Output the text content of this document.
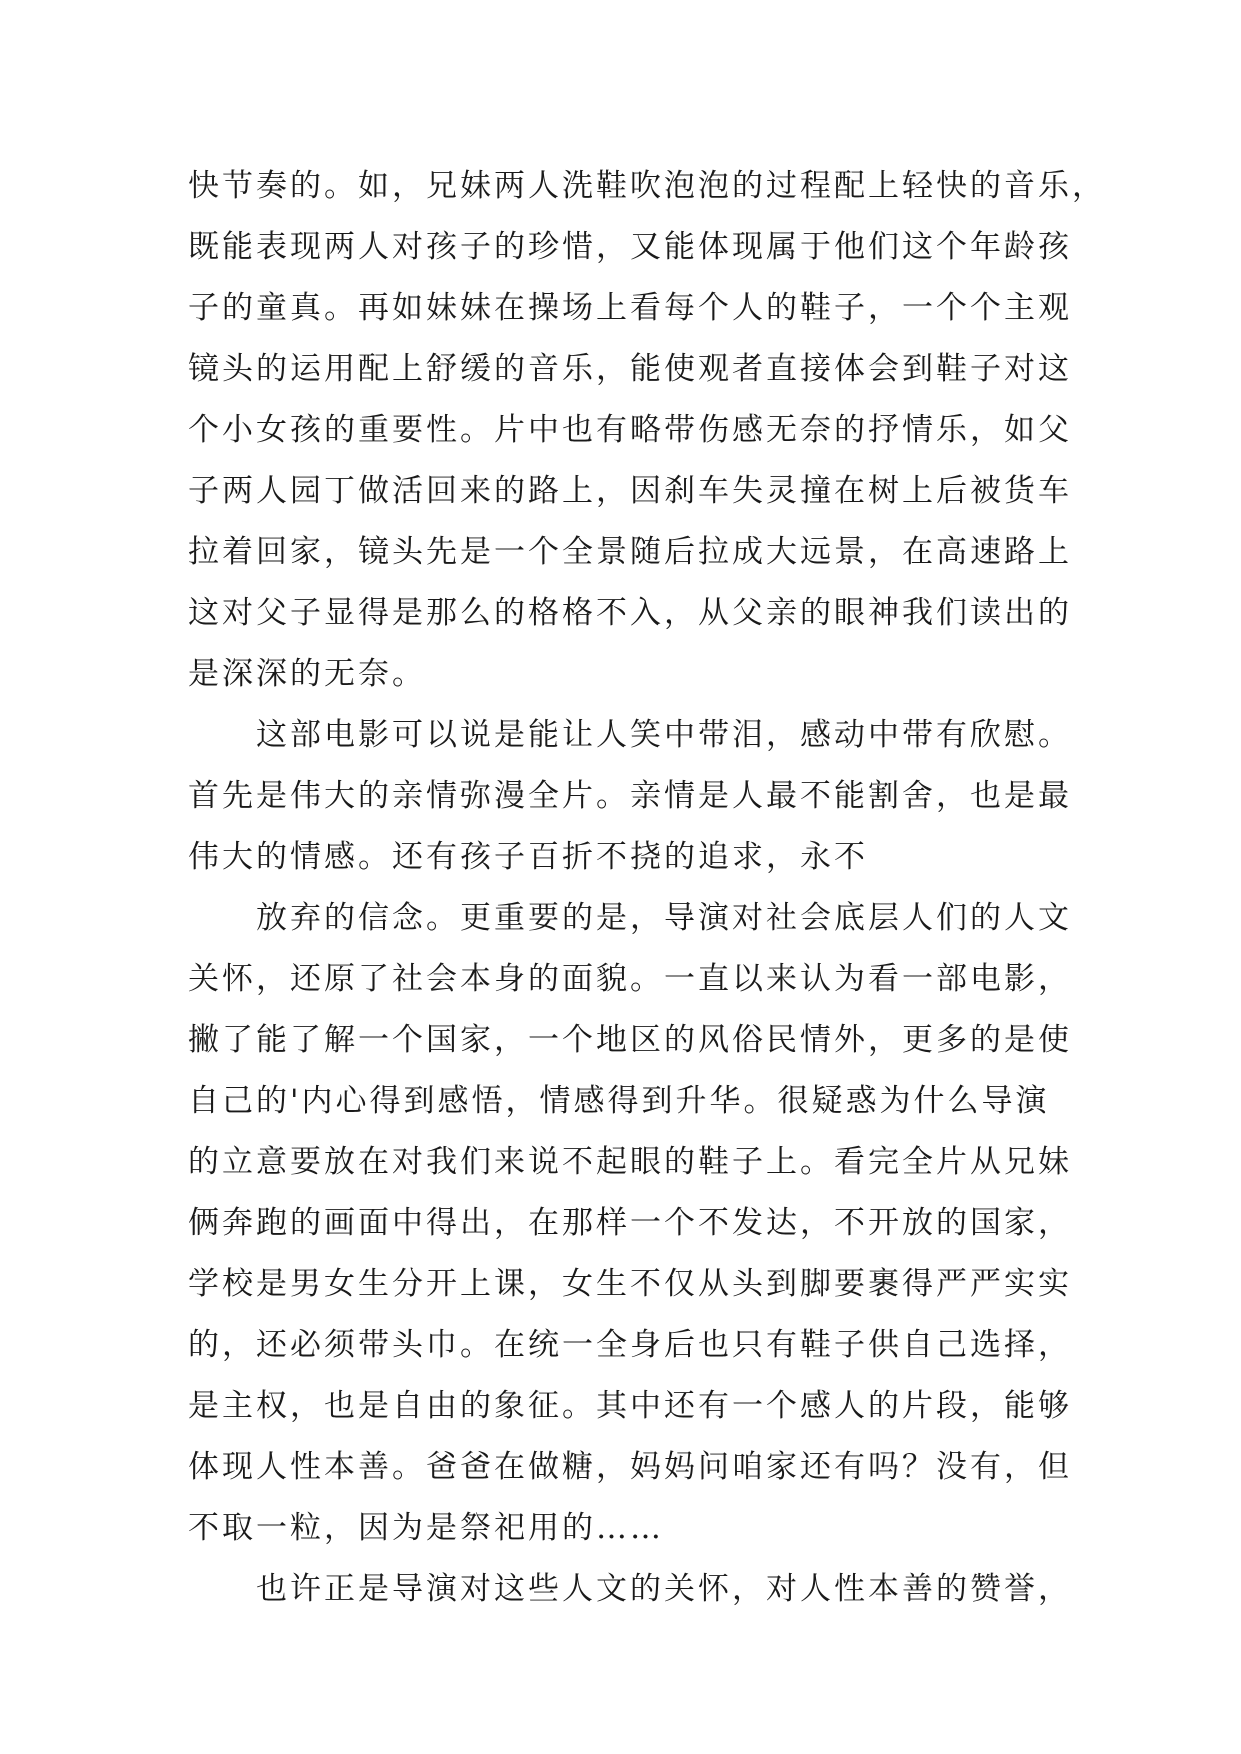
快节奏的。如，兄妹两人洗鞋吹泡泡的过程配上轻快的音乐，
既能表现两人对孩子的珍惜，又能体现属于他们这个年龄孩
子的童真。再如妹妹在操场上看每个人的鞋子，一个个主观
镜头的运用配上舒缓的音乐，能使观者直接体会到鞋子对这
个小女孩的重要性。片中也有略带伤感无奈的抒情乐，如父
子两人园丁做活回来的路上，因刹车失灵撞在树上后被货车
拉着回家，镜头先是一个全景随后拉成大远景，在高速路上
这对父子显得是那么的格格不入，从父亲的眼神我们读出的
是深深的无奈。
这部电影可以说是能让人笑中带泪，感动中带有欣慰。
首先是伟大的亲情弥漫全片。亲情是人最不能割舍，也是最
伟大的情感。还有孩子百折不挠的追求，永不
放弃的信念。更重要的是，导演对社会底层人们的人文
关怀，还原了社会本身的面貌。一直以来认为看一部电影，
撇了能了解一个国家，一个地区的风俗民情外，更多的是使
自己的'内心得到感悟，情感得到升华。很疑惑为什么导演
的立意要放在对我们来说不起眼的鞋子上。看完全片从兄妹
俩奔跑的画面中得出，在那样一个不发达，不开放的国家，
学校是男女生分开上课，女生不仅从头到脚要裹得严严实实
的，还必须带头巾。在统一全身后也只有鞋子供自己选择，
是主权，也是自由的象征。其中还有一个感人的片段，能够
体现人性本善。爸爸在做糖，妈妈问咱家还有吗？没有，但
不取一粒，因为是祭祀用的……
也许正是导演对这些人文的关怀，对人性本善的赞誉，
